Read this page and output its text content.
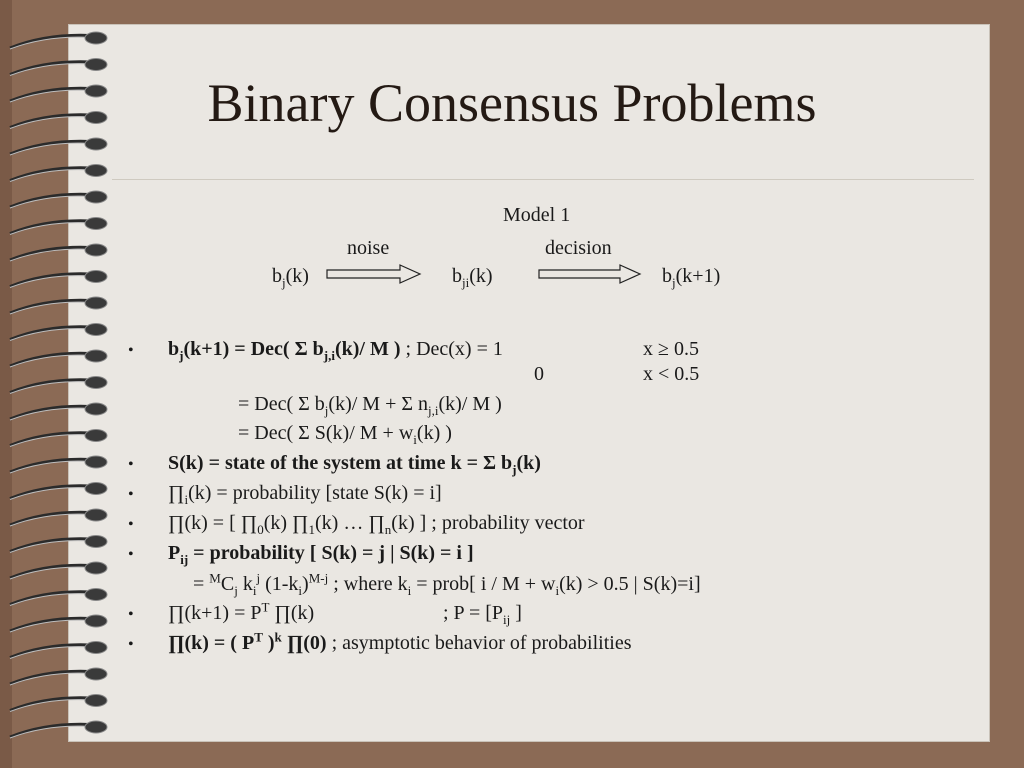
Binary Consensus Problems
Model 1
noise	decision
$b_j(k)$	$b_{ji}(k)$	$b_j(k+1)$
• $b_j(k+1) = Dec$( Σ $b_{j,i}(k)/$ M ) ; Dec(x) = 1	x ≥ 0.5
0	x < 0.5
= Dec( Σ $b_j(k)/$ M + Σ $n_{j,i}(k)/$ M )
= Dec( Σ S(k)/ $M + w_i(k)$ )
• S(k) = state of the system at time k = Σ $b_j(k)$
• $\prod_i(k)$ = probability [state S(k) = i]
• ∏(k) = [ $\prod_0(k)$ $\prod_1(k)$ … $\prod_n(k)$ ] ; probability vector
• $P_{ij}$ = probability [ S(k) = j | S(k) = i ]
= $^MC_j$ $k_i^j$ $(1-k_i)^{M-j}$ ; where $k_i$ = prob[ $i / M + w_i(k) > 0.5$ | S(k)=i]
• ∏(k+1) = $P^T$ ∏(k)	; $P = [P_{ij}$ ]
• ∏(k) = ( $P^T$ )$^k$ ∏(0) ; asymptotic behavior of probabilities
